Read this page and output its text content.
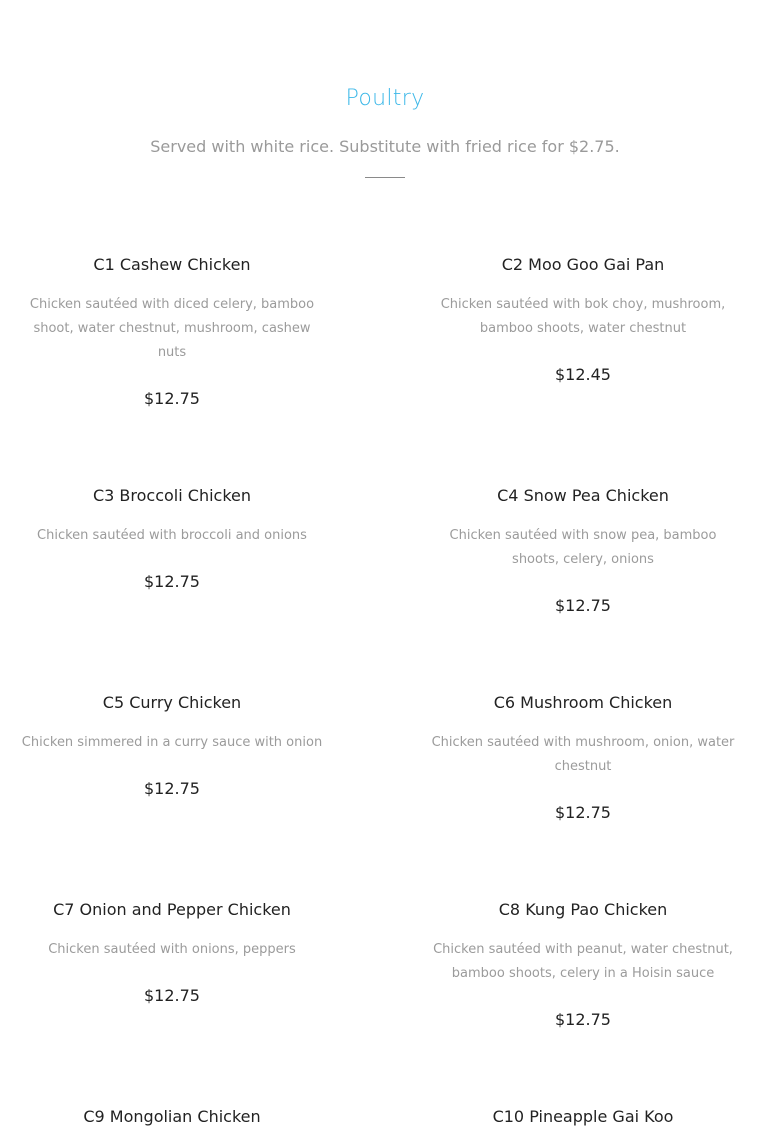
Poultry
Served with white rice. Substitute with fried rice for $2.75.
C1 Cashew Chicken
Chicken sautéed with diced celery, bamboo shoot, water chestnut, mushroom, cashew nuts
$12.75
C2 Moo Goo Gai Pan
Chicken sautéed with bok choy, mushroom, bamboo shoots, water chestnut
$12.45
C3 Broccoli Chicken
Chicken sautéed with broccoli and onions
$12.75
C4 Snow Pea Chicken
Chicken sautéed with snow pea, bamboo shoots, celery, onions
$12.75
C5 Curry Chicken
Chicken simmered in a curry sauce with onion
$12.75
C6 Mushroom Chicken
Chicken sautéed with mushroom, onion, water chestnut
$12.75
C7 Onion and Pepper Chicken
Chicken sautéed with onions, peppers
$12.75
C8 Kung Pao Chicken
Chicken sautéed with peanut, water chestnut, bamboo shoots, celery in a Hoisin sauce
$12.75
C9 Mongolian Chicken	C10 Pineapple Gai Koo
